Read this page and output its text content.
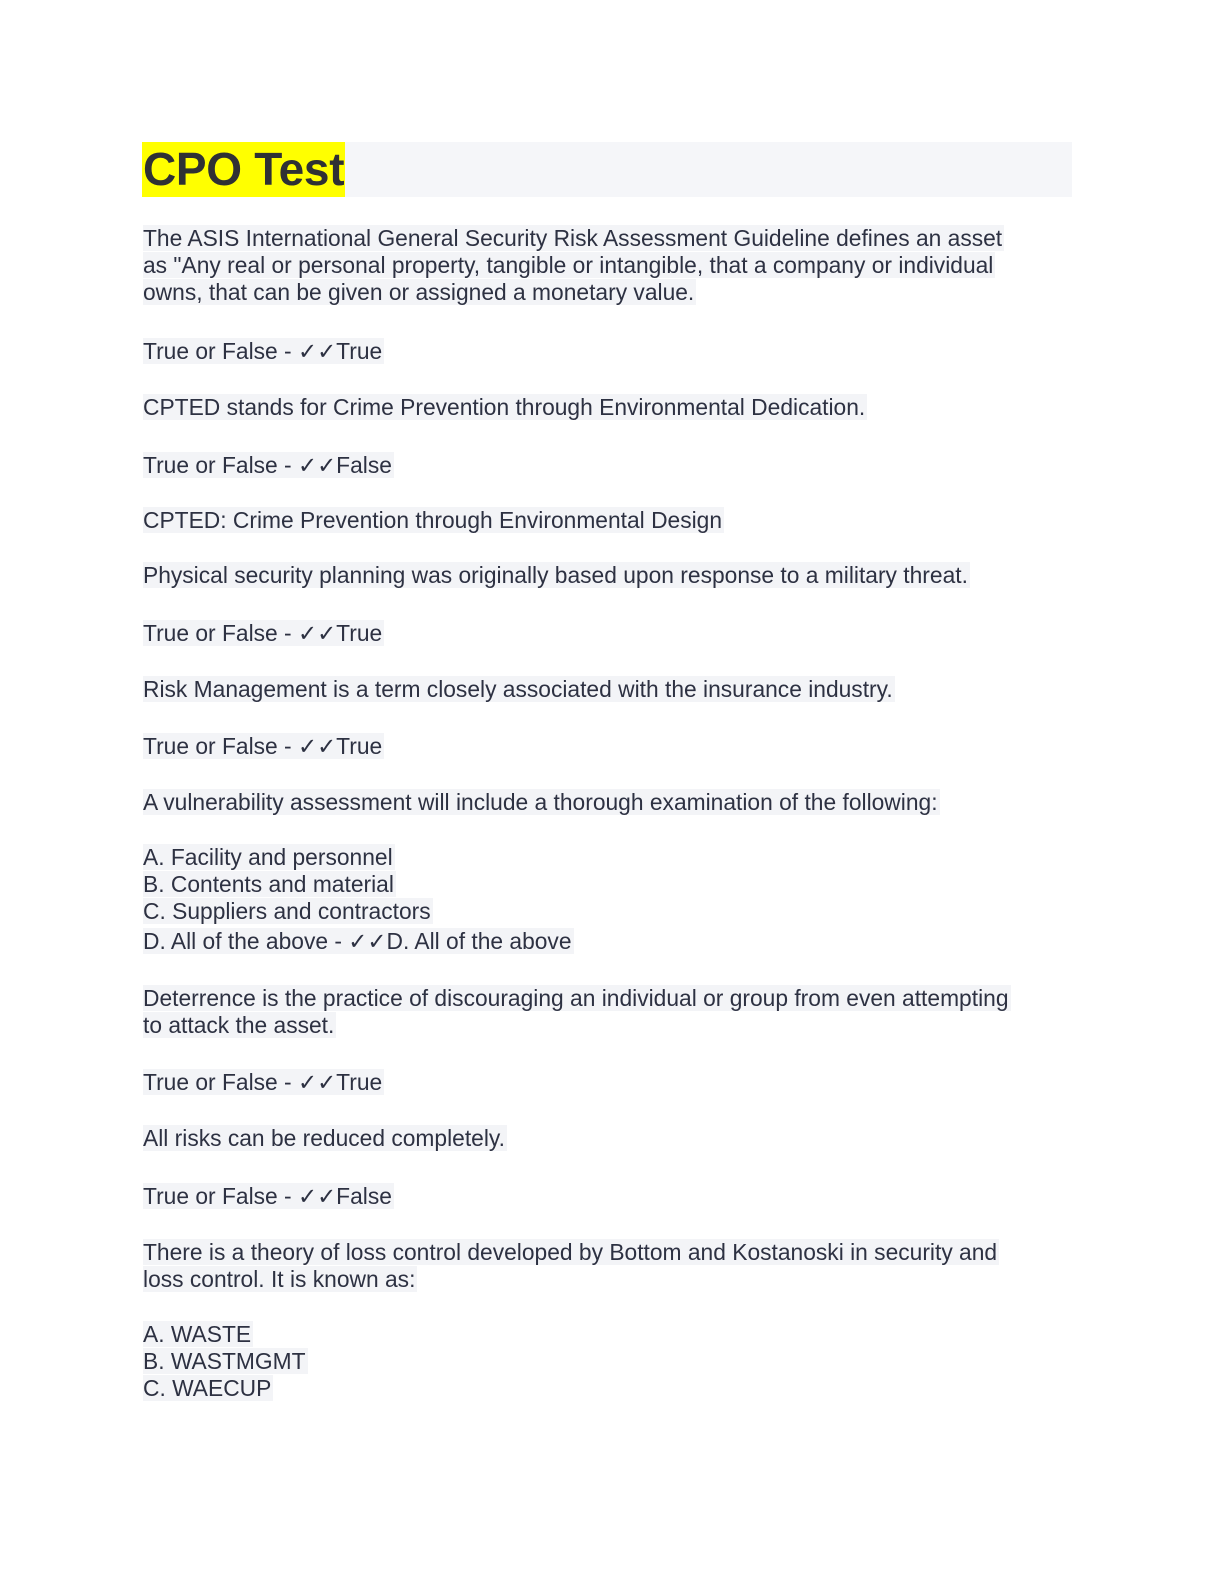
CPO Test
The ASIS International General Security Risk Assessment Guideline defines an asset
as "Any real or personal property, tangible or intangible, that a company or individual
owns, that can be given or assigned a monetary value.
True or False - ✓✓True
CPTED stands for Crime Prevention through Environmental Dedication.
True or False - ✓✓False
CPTED: Crime Prevention through Environmental Design
Physical security planning was originally based upon response to a military threat.
True or False - ✓✓True
Risk Management is a term closely associated with the insurance industry.
True or False - ✓✓True
A vulnerability assessment will include a thorough examination of the following:
A. Facility and personnel
B. Contents and material
C. Suppliers and contractors
D. All of the above - ✓✓D. All of the above
Deterrence is the practice of discouraging an individual or group from even attempting
to attack the asset.
True or False - ✓✓True
All risks can be reduced completely.
True or False - ✓✓False
There is a theory of loss control developed by Bottom and Kostanoski in security and
loss control. It is known as:
A. WASTE
B. WASTMGMT
C. WAECUP
